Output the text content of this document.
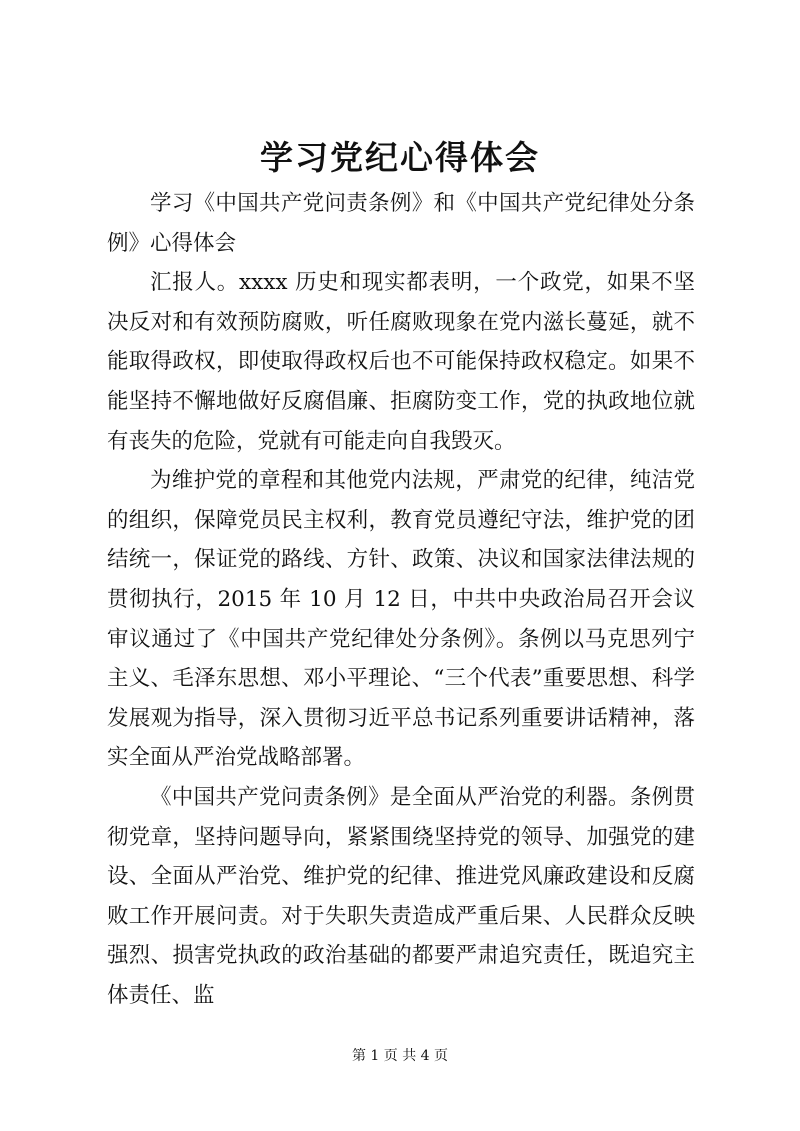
学习党纪心得体会

学习《中国共产党问责条例》和《中国共产党纪律处分条例》心得体会

汇报人。xxxx 历史和现实都表明，一个政党，如果不坚决反对和有效预防腐败，听任腐败现象在党内滋长蔓延，就不能取得政权，即使取得政权后也不可能保持政权稳定。如果不能坚持不懈地做好反腐倡廉、拒腐防变工作，党的执政地位就有丧失的危险，党就有可能走向自我毁灭。

为维护党的章程和其他党内法规，严肃党的纪律，纯洁党的组织，保障党员民主权利，教育党员遵纪守法，维护党的团结统一，保证党的路线、方针、政策、决议和国家法律法规的贯彻执行，2015 年 10 月 12 日，中共中央政治局召开会议审议通过了《中国共产党纪律处分条例》。条例以马克思列宁主义、毛泽东思想、邓小平理论、“三个代表”重要思想、科学发展观为指导，深入贯彻习近平总书记系列重要讲话精神，落实全面从严治党战略部署。

《中国共产党问责条例》是全面从严治党的利器。条例贯彻党章，坚持问题导向，紧紧围绕坚持党的领导、加强党的建设、全面从严治党、维护党的纪律、推进党风廉政建设和反腐败工作开展问责。对于失职失责造成严重后果、人民群众反映强烈、损害党执政的政治基础的都要严肃追究责任，既追究主体责任、监

第 1 页 共 4 页
